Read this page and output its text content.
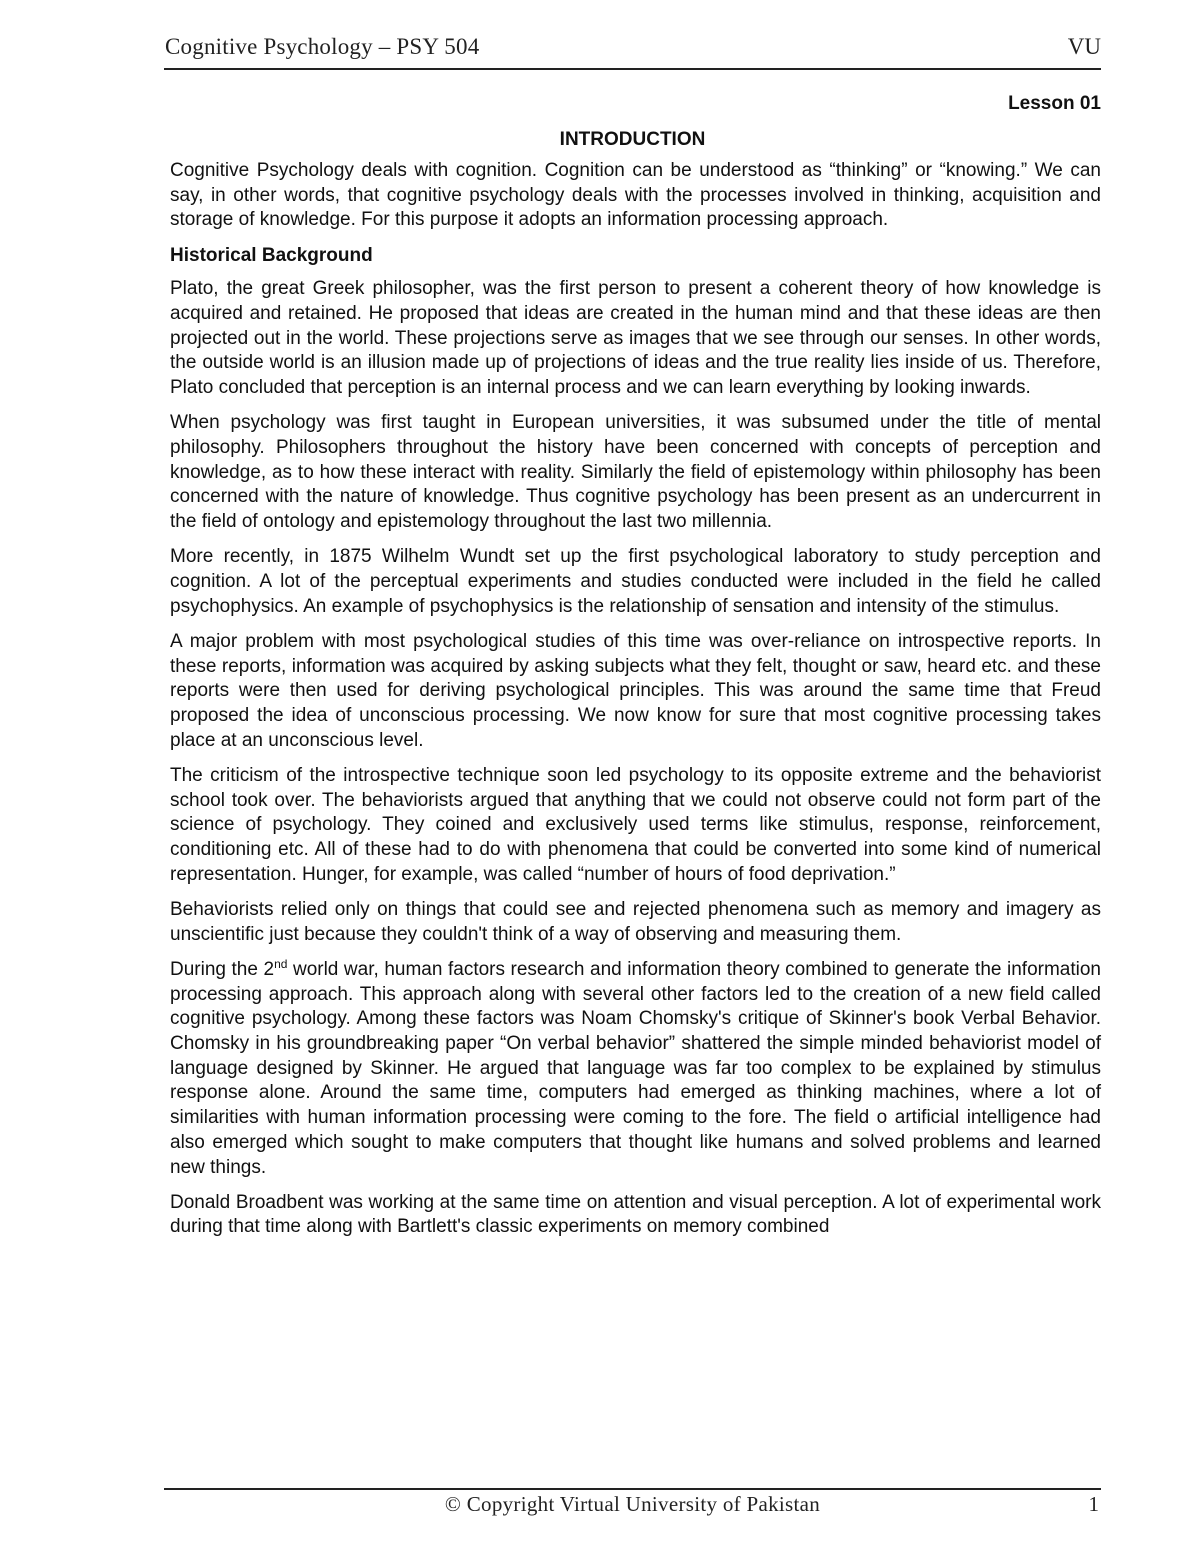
Cognitive Psychology – PSY 504	VU
Lesson 01
INTRODUCTION

Cognitive Psychology deals with cognition. Cognition can be understood as “thinking” or “knowing.” We can say, in other words, that cognitive psychology deals with the processes involved in thinking, acquisition and storage of knowledge. For this purpose it adopts an information processing approach.

Historical Background

Plato, the great Greek philosopher, was the first person to present a coherent theory of how knowledge is acquired and retained. He proposed that ideas are created in the human mind and that these ideas are then projected out in the world. These projections serve as images that we see through our senses. In other words, the outside world is an illusion made up of projections of ideas and the true reality lies inside of us. Therefore, Plato concluded that perception is an internal process and we can learn everything by looking inwards.

When psychology was first taught in European universities, it was subsumed under the title of mental philosophy. Philosophers throughout the history have been concerned with concepts of perception and knowledge, as to how these interact with reality. Similarly the field of epistemology within philosophy has been concerned with the nature of knowledge. Thus cognitive psychology has been present as an undercurrent in the field of ontology and epistemology throughout the last two millennia.

More recently, in 1875 Wilhelm Wundt set up the first psychological laboratory to study perception and cognition. A lot of the perceptual experiments and studies conducted were included in the field he called psychophysics. An example of psychophysics is the relationship of sensation and intensity of the stimulus.

A major problem with most psychological studies of this time was over-reliance on introspective reports. In these reports, information was acquired by asking subjects what they felt, thought or saw, heard etc. and these reports were then used for deriving psychological principles. This was around the same time that Freud proposed the idea of unconscious processing. We now know for sure that most cognitive processing takes place at an unconscious level.

The criticism of the introspective technique soon led psychology to its opposite extreme and the behaviorist school took over. The behaviorists argued that anything that we could not observe could not form part of the science of psychology. They coined and exclusively used terms like stimulus, response, reinforcement, conditioning etc. All of these had to do with phenomena that could be converted into some kind of numerical representation. Hunger, for example, was called “number of hours of food deprivation.”

Behaviorists relied only on things that could see and rejected phenomena such as memory and imagery as unscientific just because they couldn't think of a way of observing and measuring them.

During the 2nd world war, human factors research and information theory combined to generate the information processing approach. This approach along with several other factors led to the creation of a new field called cognitive psychology. Among these factors was Noam Chomsky's critique of Skinner's book Verbal Behavior. Chomsky in his groundbreaking paper “On verbal behavior” shattered the simple minded behaviorist model of language designed by Skinner. He argued that language was far too complex to be explained by stimulus response alone. Around the same time, computers had emerged as thinking machines, where a lot of similarities with human information processing were coming to the fore. The field o artificial intelligence had also emerged which sought to make computers that thought like humans and solved problems and learned new things.

Donald Broadbent was working at the same time on attention and visual perception. A lot of experimental work during that time along with Bartlett's classic experiments on memory combined

© Copyright Virtual University of Pakistan	1
